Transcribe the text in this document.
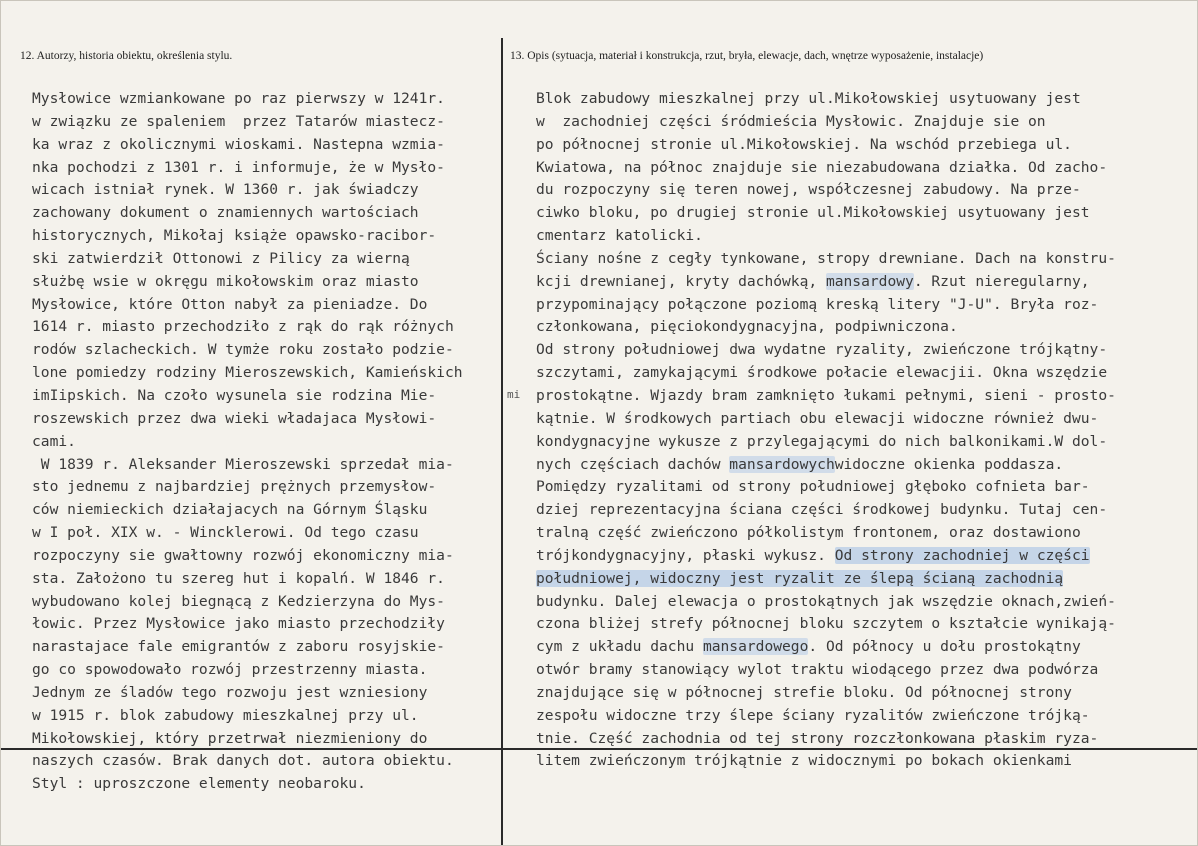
12. Autorzy, historia obiektu, określenia stylu.	13. Opis (sytuacja, materiał i konstrukcja, rzut, bryła, elewacje, dach, wnętrze wyposażenie, instalacje)
Mysłowice wzmiankowane po raz pierwszy w 1241r.
w związku ze spaleniem  przez Tatarów miastecz-
ka wraz z okolicznymi wioskami. Nastepna wzmia-
nka pochodzi z 1301 r. i informuje, że w Mysło-
wicach istniał rynek. W 1360 r. jak świadczy
zachowany dokument o znamiennych wartościach
historycznych, Mikołaj książe opawsko-racibor-
ski zatwierdził Ottonowi z Pilicy za wierną
służbę wsie w okręgu mikołowskim oraz miasto
Mysłowice, które Otton nabył za pieniadze. Do
1614 r. miasto przechodziło z rąk do rąk różnych
rodów szlacheckich. W tymże roku zostało podzie-
lone pomiedzy rodziny Mieroszewskich, Kamieńskich
imIipskich. Na czoło wysunela sie rodzina Mie-
roszewskich przez dwa wieki władajaca Mysłowi-
cami.
W 1839 r. Aleksander Mieroszewski sprzedał mia-
sto jednemu z najbardziej prężnych przemysłow-
ców niemieckich działajacych na Górnym Śląsku
w I poł. XIX w. - Wincklerowi. Od tego czasu
rozpoczyny sie gwałtowny rozwój ekonomiczny mia-
sta. Założono tu szereg hut i kopalń. W 1846 r.
wybudowano kolej biegnącą z Kedzierzyna do Mys-
łowic. Przez Mysłowice jako miasto przechodziły
narastajace fale emigrantów z zaboru rosyjskie-
go co spowodowało rozwój przestrzenny miasta.
Jednym ze śladów tego rozwoju jest wzniesiony
w 1915 r. blok zabudowy mieszkalnej przy ul.
Mikołowskiej, który przetrwał niezmieniony do
naszych czasów. Brak danych dot. autora obiektu.
Styl : uproszczone elementy neobaroku.
Blok zabudowy mieszkalnej przy ul.Mikołowskiej usytuowany jest
w  zachodniej części śródmieścia Mysłowic. Znajduje sie on
po północnej stronie ul.Mikołowskiej. Na wschód przebiega ul.
Kwiatowa, na północ znajduje sie niezabudowana działka. Od zacho-
du rozpoczyny się teren nowej, współczesnej zabudowy. Na prze-
ciwko bloku, po drugiej stronie ul.Mikołowskiej usytuowany jest
cmentarz katolicki.
Ściany nośne z cegły tynkowane, stropy drewniane. Dach na konstru-
kcji drewnianej, kryty dachówką, mansardowy. Rzut nieregularny,
przypominający połączone poziomą kreską litery "J-U". Bryła roz-
członkowana, pięciokondygnacyjna, podpiwniczona.
Od strony południowej dwa wydatne ryzality, zwieńczone trójkątny-
szczytami, zamykającymi środkowe połacie elewacjii. Okna wszędzie
prostokątne. Wjazdy bram zamknięto łukami pełnymi, sieni - prosto-
kątnie. W środkowych partiach obu elewacji widoczne również dwu-
kondygnacyjne wykusze z przylegającymi do nich balkonikami.W dol-
nych częściach dachów mansardowychwidoczne okienka poddasza.
Pomiędzy ryzalitami od strony południowej głęboko cofnieta bar-
dziej reprezentacyjna ściana części środkowej budynku. Tutaj cen-
tralną część zwieńczono półkolistym frontonem, oraz dostawiono
trójkondygnacyjny, płaski wykusz. Od strony zachodniej w części
południowej, widoczny jest ryzalit ze ślepą ścianą zachodnią
budynku. Dalej elewacja o prostokątnych jak wszędzie oknach,zwień-
czona bliżej strefy północnej bloku szczytem o kształcie wynikają-
cym z układu dachu mansardowego. Od północy u dołu prostokątny
otwór bramy stanowiący wylot traktu wiodącego przez dwa podwórza
znajdujące się w północnej strefie bloku. Od północnej strony
zespołu widoczne trzy ślepe ściany ryzalitów zwieńczone trójką-
tnie. Część zachodnia od tej strony rozczłonkowana płaskim ryza-
litem zwieńczonym trójkątnie z widocznymi po bokach okienkami
mi
